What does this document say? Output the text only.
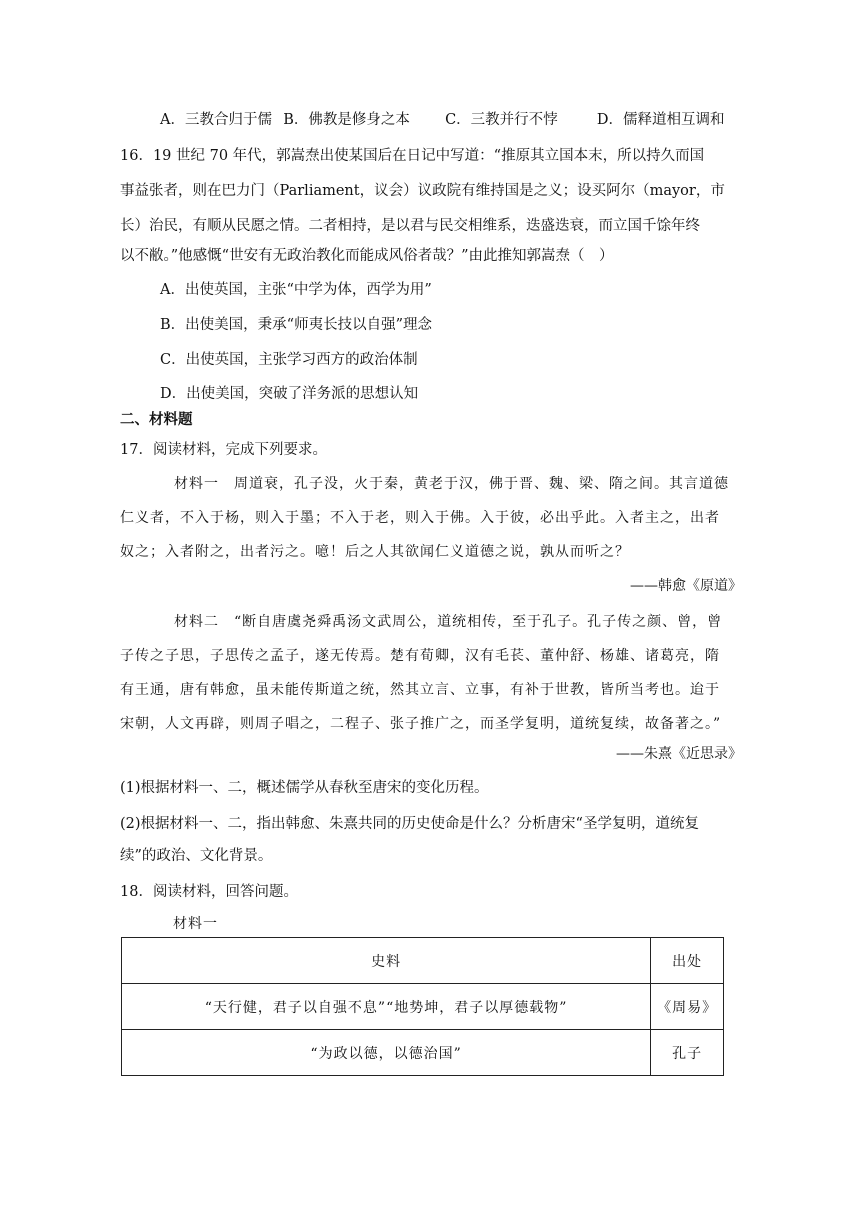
A．三教合归于儒 B．佛教是修身之本 C．三教并行不悖	D．儒释道相互调和
16．19 世纪 70 年代，郭嵩焘出使某国后在日记中写道：“推原其立国本末，所以持久而国
事益张者，则在巴力门（Parliament，议会）议政院有维持国是之义；设买阿尔（mayor，市
长）治民，有顺从民愿之情。二者相持，是以君与民交相维系，迭盛迭衰，而立国千馀年终
以不敝。”他感慨“世安有无政治教化而能成风俗者哉？”由此推知郭嵩焘（　）
A．出使英国，主张“中学为体，西学为用”
B．出使美国，秉承“师夷长技以自强”理念
C．出使英国，主张学习西方的政治体制
D．出使美国，突破了洋务派的思想认知
二、材料题
17．阅读材料，完成下列要求。
材料一　周道衰，孔子没，火于秦，黄老于汉，佛于晋、魏、梁、隋之间。其言道德
仁义者，不入于杨，则入于墨；不入于老，则入于佛。入于彼，必出乎此。入者主之，出者
奴之；入者附之，出者污之。噫！后之人其欲闻仁义道德之说，孰从而听之？
——韩愈《原道》
材料二　“断自唐虞尧舜禹汤文武周公，道统相传，至于孔子。孔子传之颜、曾，曾
子传之子思，子思传之孟子，遂无传焉。楚有荀卿，汉有毛苌、董仲舒、杨雄、诸葛亮，隋
有王通，唐有韩愈，虽未能传斯道之统，然其立言、立事，有补于世教，皆所当考也。迨于
宋朝，人文再辟，则周子唱之，二程子、张子推广之，而圣学复明，道统复续，故备著之。”
——朱熹《近思录》
(1)根据材料一、二，概述儒学从春秋至唐宋的变化历程。
(2)根据材料一、二，指出韩愈、朱熹共同的历史使命是什么？分析唐宋“圣学复明，道统复
续”的政治、文化背景。
18．阅读材料，回答问题。
材料一
史料	出处
“天行健，君子以自强不息”“地势坤，君子以厚德载物”	《周易》
“为政以德，以德治国”	孔子
